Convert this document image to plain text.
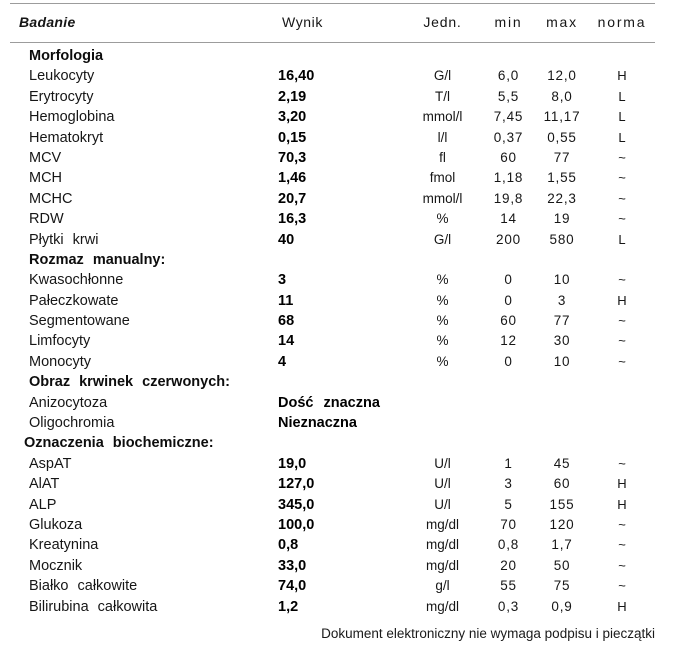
Badanie	Wynik	Jedn.	min	max	norma
Morfologia
Leukocyty	16,40	G/l	6,0	12,0	H
Erytrocyty	2,19	T/l	5,5	8,0	L
Hemoglobina	3,20	mmol/l	7,45	11,17	L
Hematokryt	0,15	l/l	0,37	0,55	L
MCV	70,3	fl	60	77	~
MCH	1,46	fmol	1,18	1,55	~
MCHC	20,7	mmol/l	19,8	22,3	~
RDW	16,3	%	14	19	~
Płytki krwi	40	G/l	200	580	L
Rozmaz manualny:
Kwasochłonne	3	%	0	10	~
Pałeczkowate	11	%	0	3	H
Segmentowane	68	%	60	77	~
Limfocyty	14	%	12	30	~
Monocyty	4	%	0	10	~
Obraz krwinek czerwonych:
Anizocytoza	Dość znaczna
Oligochromia	Nieznaczna
Oznaczenia biochemiczne:
AspAT	19,0	U/l	1	45	~
AlAT	127,0	U/l	3	60	H
ALP	345,0	U/l	5	155	H
Glukoza	100,0	mg/dl	70	120	~
Kreatynina	0,8	mg/dl	0,8	1,7	~
Mocznik	33,0	mg/dl	20	50	~
Białko całkowite	74,0	g/l	55	75	~
Bilirubina całkowita	1,2	mg/dl	0,3	0,9	H
Dokument elektroniczny nie wymaga podpisu i pieczątki
